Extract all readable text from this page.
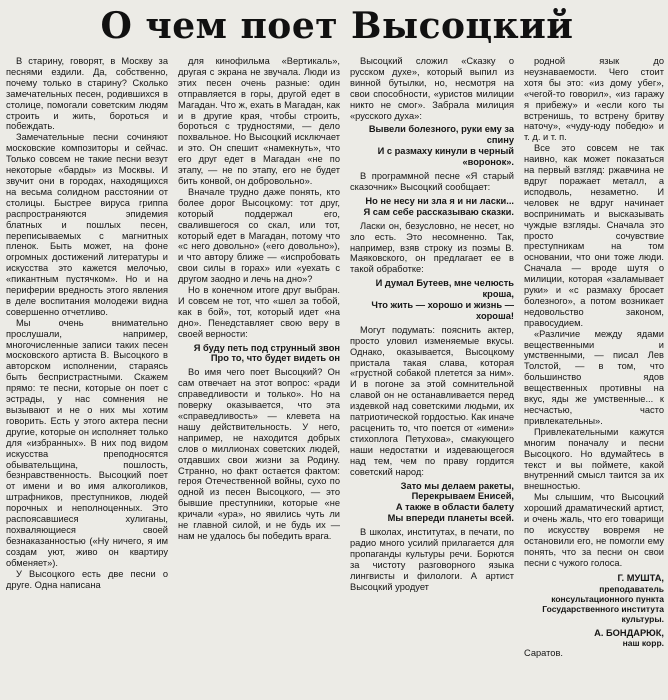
О чем поет Высоцкий

В старину, говорят, в Москву за песнями ездили. Да, собственно, почему только в старину? Сколько замечательных песен, родившихся в столице, помогали советским людям строить и жить, бороться и побеждать.

Замечательные песни сочиняют московские композиторы и сейчас. Только совсем не такие песни везут некоторые «барды» из Москвы. И звучит они в городах, находящихся на весьма солидном расстоянии от столицы. Быстрее вируса гриппа распространяются эпидемия блатных и пошлых песен, переписываемых с магнитных пленок. Быть может, на фоне огромных достижений литературы и искусства это кажется мелочью, «пикантным пустячком». Но и на периферии вредность этого явления в деле воспитания молодежи видна совершенно отчетливо.

Мы очень внимательно прослушали, например, многочисленные записи таких песен московского артиста В. Высоцкого в авторском исполнении, стараясь быть беспристрастными. Скажем прямо: те песни, которые он поет с эстрады, у нас сомнения не вызывают и не о них мы хотим говорить. Есть у этого актера песни другие, которые он исполняет только для «избранных». В них под видом искусства преподносятся обывательщина, пошлость, безнравственность. Высоцкий поет от имени и во имя алкоголиков, штрафников, преступников, людей порочных и неполноценных. Это распоясавшиеся хулиганы, похваляющиеся своей безнаказанностью («Ну ничего, я им создам уют, живо он квартиру обменяет»).

У Высоцкого есть две песни о друге. Одна написана

для кинофильма «Вертикаль», другая с экрана не звучала. Люди из этих песен очень разные: один отправляется в горы, другой едет в Магадан. Что ж, ехать в Магадан, как и в другие края, чтобы строить, бороться с трудностями, — дело похвальное. Но Высоцкий исключает и это. Он спешит «намекнуть», что его друг едет в Магадан «не по этапу, — не по этапу, его не будет бить конвой, он добровольно».

Вначале трудно даже понять, кто более дорог Высоцкому: тот друг, который поддержал его, свалившегося со скал, или тот, который едет в Магадан, потому что «с него довольно» («его довольно»), и что автору ближе — «испробовать свои силы в горах» или «уехать с другом заодно и лечь на дно»?

Но в конечном итоге друг выбран. И совсем не тот, что «шел за тобой, как в бой», тот, который идет «на дно». Пенедставляет свою веру в своей верности:

Я буду петь под струнный звон
Про то, что будет видеть он

Во имя чего поет Высоцкий? Он сам отвечает на этот вопрос: «ради справедливости и только». Но на поверку оказывается, что эта «справедливость» — клевета на нашу действительность. У него, например, не находится добрых слов о миллионах советских людей, отдавших свои жизни за Родину. Странно, но факт остается фактом: героя Отечественной войны, сухо по одной из песен Высоцкого, — это бывшие преступники, которые «не кричали «ура», но явились чуть ли не главной силой, и не будь их — нам не удалось бы победить врага.

Высоцкий сложил «Сказку о русском духе», который выпил из винной бутылки, но, несмотря на свои способности, «уристов милиции никто не смог». Забрала милиция «русского духа»:

Вывели болезного, руки ему за спину
И с размаху кинули в черный «воронок».

В программной песне «Я старый сказочник» Высоцкий сообщает:

Но не несу ни зла я и ни ласки...
Я сам себе рассказываю сказки.

Ласки он, безусловно, не несет, но зло есть. Это несомненно. Так, например, взяв строку из поэмы В. Маяковского, он предлагает ее в такой обработке:

И думал Бутеев, мне челюсть кроша,
Что жить — хорошо и жизнь — хороша!

Могут подумать: пояснить актер, просто уловил изменяемые вкусы. Однако, оказывается, Высоцкому пристала такая слава, которая «грустной собакой плетется за ним». И в погоне за этой сомнительной славой он не останавливается перед издевкой над советскими людьми, их патриотической гордостью. Как иначе расценить то, что поется от «имени» стихоплога Петухова», смакующего наши недостатки и издевающегося над тем, чем по праву гордится советский народ:

Зато мы делаем ракеты,
Перекрываем Енисей,
А также в области балету
Мы впереди планеты всей.

В школах, институтах, в печати, по радио много усилий прилагается для пропаганды культуры речи. Борются за чистоту разговорного языка лингвисты и филологи. А артист Высоцкий уродует

родной язык до неузнаваемости. Чего стоит хотя бы это: «из дому убег», «чегой-то говорил», «из гаражу я прибежу» и «если кого ты встренишь, то встрену бритву наточу», «чуду-юду победю» и т. д. и т. п.

Все это совсем не так наивно, как может показаться на первый взгляд: ржавчина не вдруг поражает металл, а исподволь, незаметно. И человек не вдруг начинает воспринимать и высказывать чуждые взгляды. Сначала это просто сочувствие преступникам на том основании, что они тоже люди. Сначала — вроде шутя о милиции, которая «заламывает руки» и «с размаху бросает болезного», а потом возникает недовольство законом, правосудием.

«Различие между ядами вещественными и умственными, — писал Лев Толстой, — в том, что большинство ядов вещественных противны на вкус, яды же умственные... к несчастью, часто привлекательны».

Привлекательными кажутся многим поначалу и песни Высоцкого. Но вдумайтесь в текст и вы поймете, какой внутренний смысл таится за их внешностью.

Мы слышим, что Высоцкий хороший драматический артист, и очень жаль, что его товарищи по искусству вовремя не остановили его, не помогли ему понять, что за песни он свои песни с чужого голоса.

Г. МУШТА,
преподаватель консультационного пункта Государственного института культуры.
А. БОНДАРЮК,
наш корр.

Саратов.
